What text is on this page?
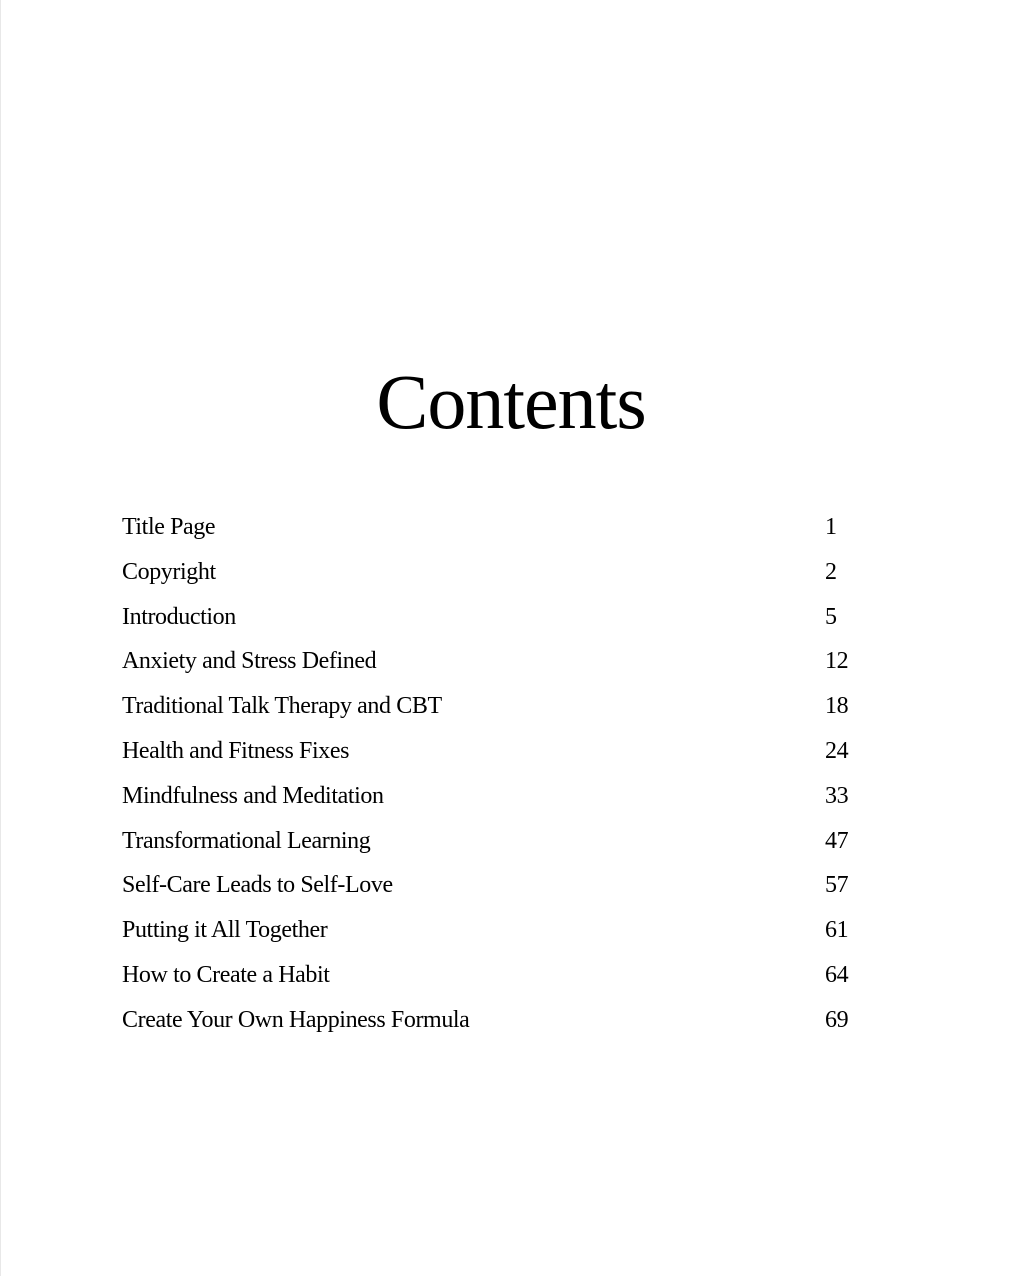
Contents
Title Page	1
Copyright	2
Introduction	5
Anxiety and Stress Defined	12
Traditional Talk Therapy and CBT	18
Health and Fitness Fixes	24
Mindfulness and Meditation	33
Transformational Learning	47
Self-Care Leads to Self-Love	57
Putting it All Together	61
How to Create a Habit	64
Create Your Own Happiness Formula	69
